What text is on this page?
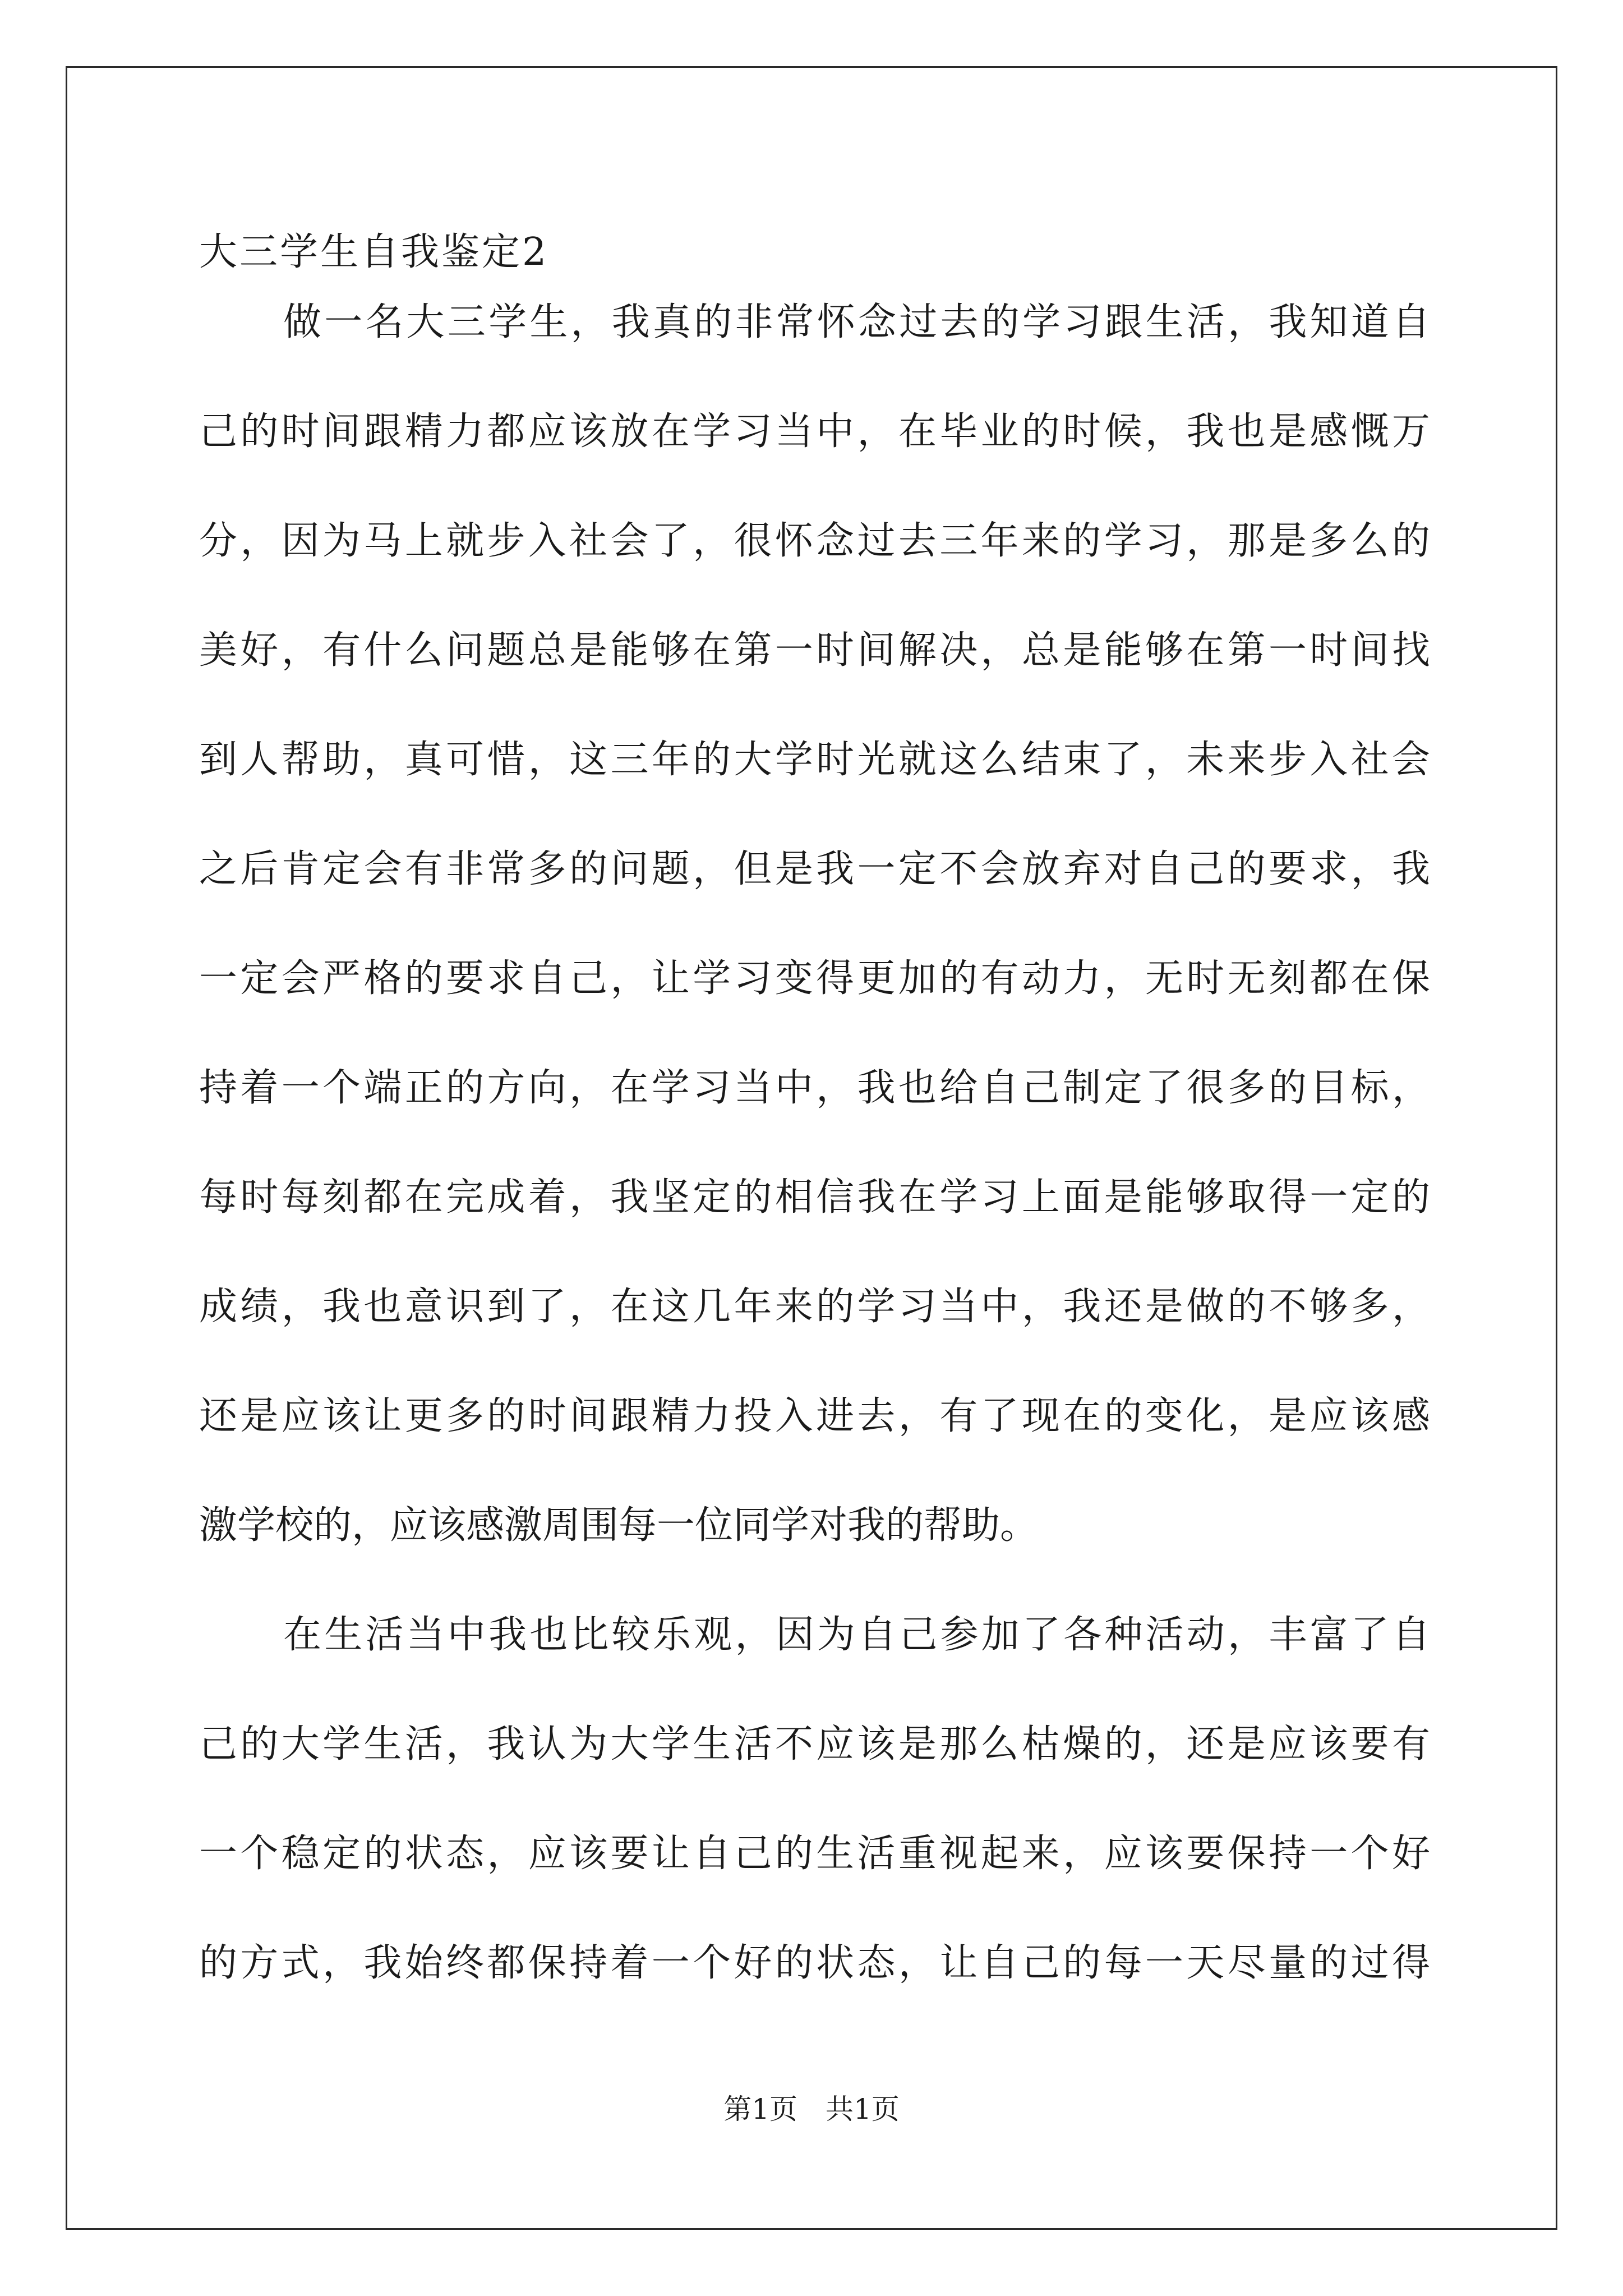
大三学生自我鉴定2
做一名大三学生，我真的非常怀念过去的学习跟生活，我知道自
己的时间跟精力都应该放在学习当中，在毕业的时候，我也是感慨万
分，因为马上就步入社会了，很怀念过去三年来的学习，那是多么的
美好，有什么问题总是能够在第一时间解决，总是能够在第一时间找
到人帮助，真可惜，这三年的大学时光就这么结束了，未来步入社会
之后肯定会有非常多的问题，但是我一定不会放弃对自己的要求，我
一定会严格的要求自己，让学习变得更加的有动力，无时无刻都在保
持着一个端正的方向，在学习当中，我也给自己制定了很多的目标，
每时每刻都在完成着，我坚定的相信我在学习上面是能够取得一定的
成绩，我也意识到了，在这几年来的学习当中，我还是做的不够多，
还是应该让更多的时间跟精力投入进去，有了现在的变化，是应该感
激学校的，应该感激周围每一位同学对我的帮助。
在生活当中我也比较乐观，因为自己参加了各种活动，丰富了自
己的大学生活，我认为大学生活不应该是那么枯燥的，还是应该要有
一个稳定的状态，应该要让自己的生活重视起来，应该要保持一个好
的方式，我始终都保持着一个好的状态，让自己的每一天尽量的过得
第1页　共1页
